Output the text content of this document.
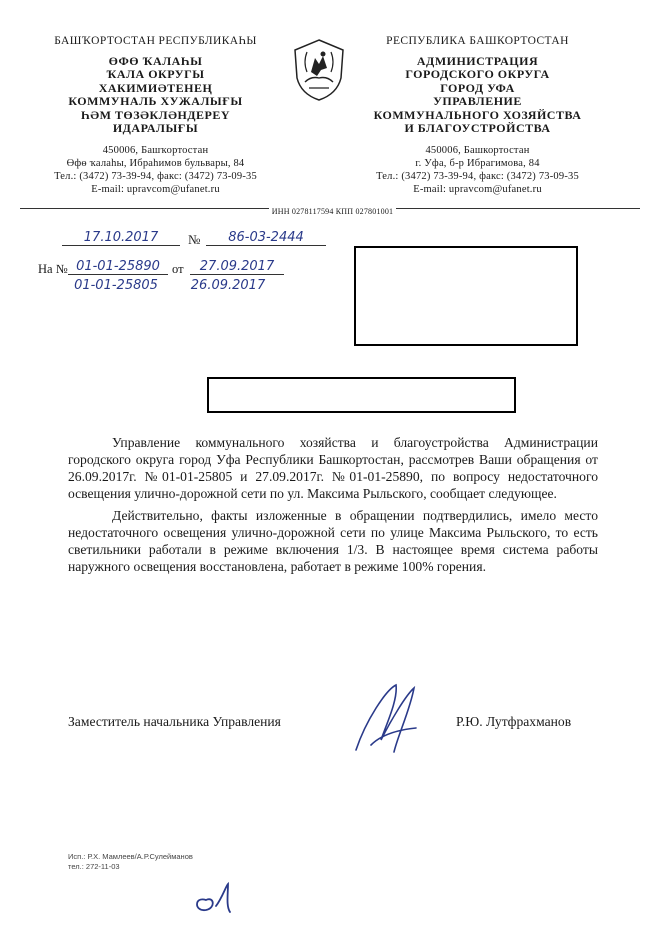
БАШҠОРТОСТАН РЕСПУБЛИКАҺЫ
ӨФӨ ҠАЛАҺЫ
ҠАЛА ОКРУГЫ
ХАКИМИӘТЕНЕҢ
КОММУНАЛЬ ХУЖАЛЫҒЫ
ҺӘМ ТӨЗӘКЛӘНДЕРЕҮ
ИДАРАЛЫҒЫ
450006, Башҡортостан
Өфө ҡалаһы, Ибраһимов бульвары, 84
Тел.: (3472) 73-39-94, факс: (3472) 73-09-35
E-mail: upravcom@ufanet.ru
РЕСПУБЛИКА БАШКОРТОСТАН
АДМИНИСТРАЦИЯ
ГОРОДСКОГО ОКРУГА
ГОРОД УФА
УПРАВЛЕНИЕ
КОММУНАЛЬНОГО ХОЗЯЙСТВА
И БЛАГОУСТРОЙСТВА
450006, Башкортостан
г. Уфа, б-р Ибрагимова, 84
Тел.: (3472) 73-39-94, факс: (3472) 73-09-35
E-mail: upravcom@ufanet.ru
ИНН 0278117594 КПП 027801001
17.10.2017	№	86-03-2444
На № 01-01-25890 от	27.09.2017
01-01-25805	26.09.2017

Управление коммунального хозяйства и благоустройства Администрации городского округа город Уфа Республики Башкортостан, рассмотрев Ваши обращения от 26.09.2017г. №01-01-25805 и 27.09.2017г. №01-01-25890, по вопросу недостаточного освещения улично-дорожной сети по ул. Максима Рыльского, сообщает следующее.

Действительно, факты изложенные в обращении подтвердились, имело место недостаточного освещения улично-дорожной сети по улице Максима Рыльского, то есть светильники работали в режиме включения 1/3. В настоящее время система работы наружного освещения восстановлена, работает в режиме 100% горения.

Заместитель начальника Управления	Р.Ю. Лутфрахманов
Исп.: Р.Х. Мамлеев/А.Р.Сулейманов
тел.: 272-11-03
